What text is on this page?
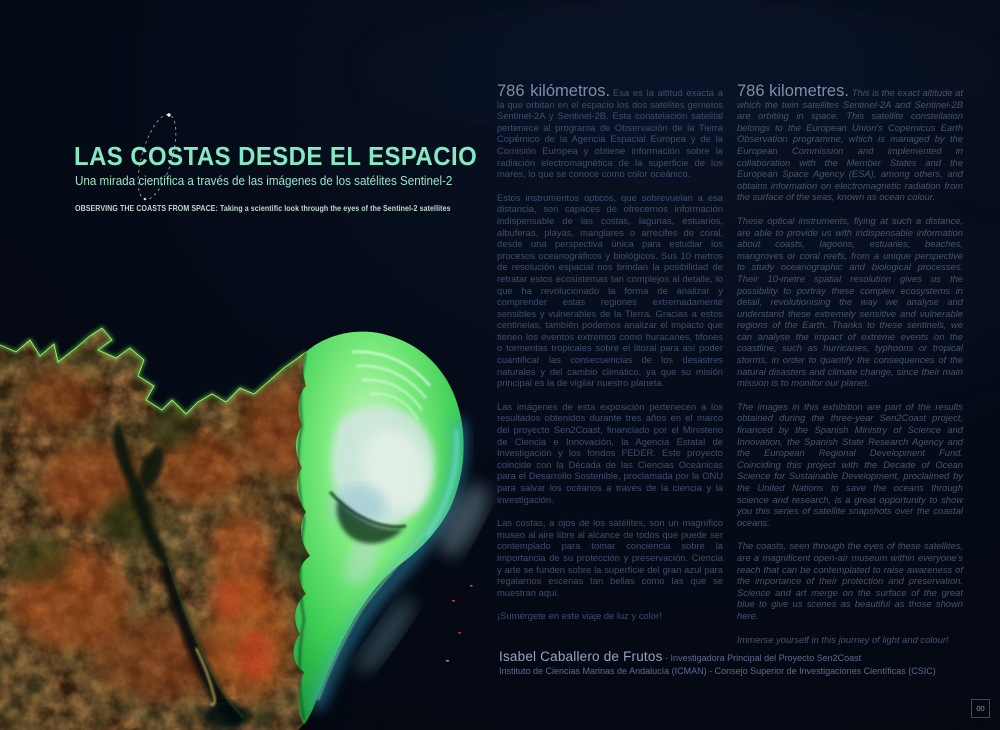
LAS COSTAS DESDE EL ESPACIO
Una mirada científica a través de las imágenes de los satélites Sentinel-2
OBSERVING THE COASTS FROM SPACE: Taking a scientific look through the eyes of the Sentinel-2 satellites

786 kilómetros. Esa es la altitud exacta a la que orbitan en el espacio los dos satélites gemelos Sentinel-2A y Sentinel-2B. Esta constelación satelital pertenece al programa de Observación de la Tierra Copérnico de la Agencia Espacial Europea y de la Comisión Europea y obtiene información sobre la radiación electromagnética de la superficie de los mares, lo que se conoce como color oceánico.

Estos instrumentos ópticos, que sobrevuelan a esa distancia, son capaces de ofrecernos información indispensable de las costas, lagunas, estuarios, albuferas, playas, manglares o arrecifes de coral, desde una perspectiva única para estudiar los procesos oceanográficos y biológicos. Sus 10 metros de resolución espacial nos brindan la posibilidad de retratar estos ecosistemas tan complejos al detalle, lo que ha revolucionado la forma de analizar y comprender estas regiones extremadamente sensibles y vulnerables de la Tierra. Gracias a estos centinelas, también podemos analizar el impacto que tienen los eventos extremos como huracanes, tifones o tormentas tropicales sobre el litoral para así poder cuantificar las consecuencias de los desastres naturales y del cambio climático, ya que su misión principal es la de vigilar nuestro planeta.

Las imágenes de esta exposición pertenecen a los resultados obtenidos durante tres años en el marco del proyecto Sen2Coast, financiado por el Ministerio de Ciencia e Innovación, la Agencia Estatal de Investigación y los fondos FEDER. Este proyecto coincide con la Década de las Ciencias Oceánicas para el Desarrollo Sostenible, proclamada por la ONU para salvar los océanos a través de la ciencia y la investigación.

Las costas, a ojos de los satélites, son un magnífico museo al aire libre al alcance de todos que puede ser contemplado para tomar conciencia sobre la importancia de su protección y preservación. Ciencia y arte se funden sobre la superficie del gran azul para regalarnos escenas tan bellas como las que se muestran aquí.

¡Sumérgete en este viaje de luz y color!

786 kilometres. This is the exact altitude at which the twin satellites Sentinel-2A and Sentinel-2B are orbiting in space. This satellite constellation belongs to the European Union's Copernicus Earth Observation programme, which is managed by the European Commission and implemented in collaboration with the Member States and the European Space Agency (ESA), among others, and obtains information on electromagnetic radiation from the surface of the seas, known as ocean colour.

These optical instruments, flying at such a distance, are able to provide us with indispensable information about coasts, lagoons, estuaries, beaches, mangroves or coral reefs, from a unique perspective to study oceanographic and biological processes. Their 10-metre spatial resolution gives us the possibility to portray these complex ecosystems in detail, revolutionising the way we analyse and understand these extremely sensitive and vulnerable regions of the Earth. Thanks to these sentinels, we can analyse the impact of extreme events on the coastline, such as hurricanes, typhoons or tropical storms, in order to quantify the consequences of the natural disasters and climate change, since their main mission is to monitor our planet.

The images in this exhibition are part of the results obtained during the three-year Sen2Coast project, financed by the Spanish Ministry of Science and Innovation, the Spanish State Research Agency and the European Regional Development Fund. Coinciding this project with the Decade of Ocean Science for Sustainable Development, proclaimed by the United Nations to save the oceans through science and research, is a great opportunity to show you this series of satellite snapshots over the coastal oceans.

The coasts, seen through the eyes of these satellites, are a magnificent open-air museum within everyone's reach that can be contemplated to raise awareness of the importance of their protection and preservation. Science and art merge on the surface of the great blue to give us scenes as beautiful as those shown here.

Immerse yourself in this journey of light and colour!

Isabel Caballero de Frutos - Investigadora Principal del Proyecto Sen2Coast
Instituto de Ciencias Marinas de Andalucía (ICMAN) - Consejo Superior de Investigaciones Científicas (CSIC)
00
